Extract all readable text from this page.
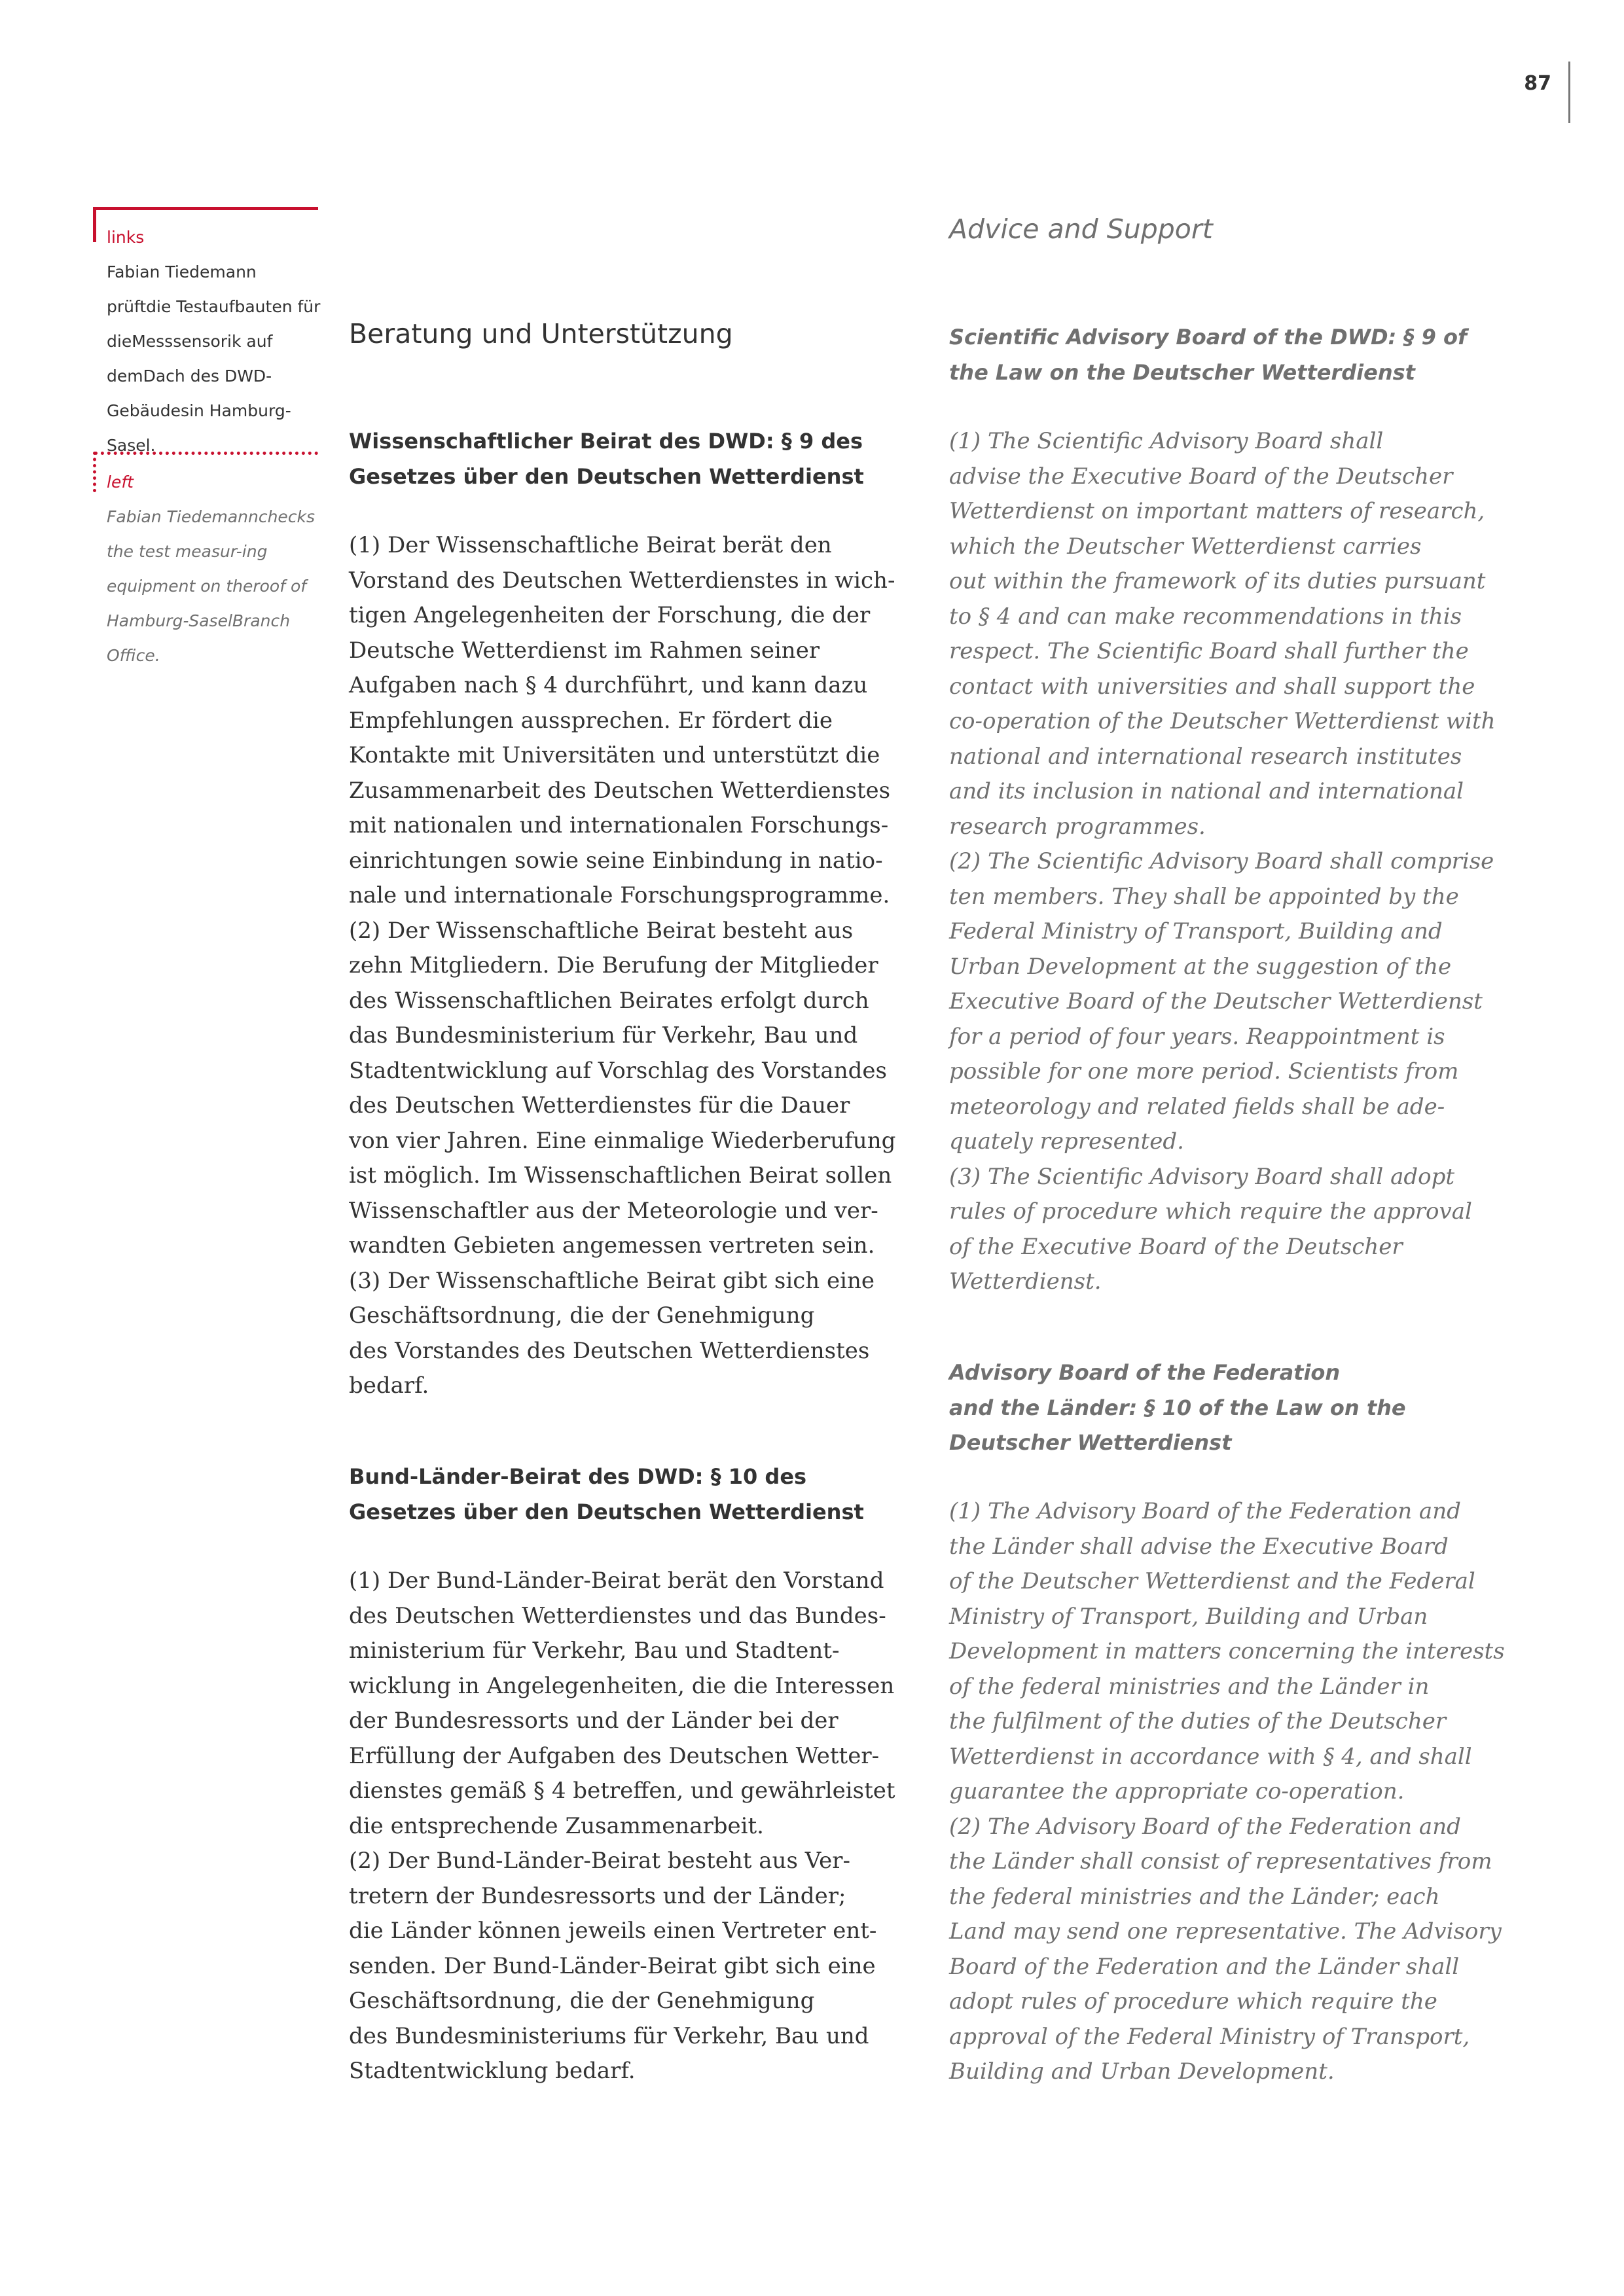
87
links
Fabian Tiedemann prüftdie Testaufbauten für dieMesssensorik auf demDach des DWD-Gebäudesin Hamburg-Sasel.
left
Fabian Tiedemannchecks the test measur-ing equipment on theroof of Hamburg-SaselBranch Office.
Beratung und Unterstützung
Wissenschaftlicher Beirat des DWD: § 9 des
Gesetzes über den Deutschen Wetterdienst
(1) Der Wissenschaftliche Beirat berät den
Vorstand des Deutschen Wetterdienstes in wich-
tigen Angelegenheiten der Forschung, die der
Deutsche Wetterdienst im Rahmen seiner
Aufgaben nach § 4 durchführt, und kann dazu
Empfehlungen aussprechen. Er fördert die
Kontakte mit Universitäten und unterstützt die
Zusammenarbeit des Deutschen Wetterdienstes
mit nationalen und internationalen Forschungs-
einrichtungen sowie seine Einbindung in natio-
nale und internationale Forschungsprogramme.
(2) Der Wissenschaftliche Beirat besteht aus
zehn Mitgliedern. Die Berufung der Mitglieder
des Wissenschaftlichen Beirates erfolgt durch
das Bundesministerium für Verkehr, Bau und
Stadtentwicklung auf Vorschlag des Vorstandes
des Deutschen Wetterdienstes für die Dauer
von vier Jahren. Eine einmalige Wiederberufung
ist möglich. Im Wissenschaftlichen Beirat sollen
Wissenschaftler aus der Meteorologie und ver-
wandten Gebieten angemessen vertreten sein.
(3) Der Wissenschaftliche Beirat gibt sich eine
Geschäftsordnung, die der Genehmigung
des Vorstandes des Deutschen Wetterdienstes
bedarf.
Bund-Länder-Beirat des DWD: § 10 des
Gesetzes über den Deutschen Wetterdienst
(1) Der Bund-Länder-Beirat berät den Vorstand
des Deutschen Wetterdienstes und das Bundes-
ministerium für Verkehr, Bau und Stadtent-
wicklung in Angelegenheiten, die die Interessen
der Bundesressorts und der Länder bei der
Erfüllung der Aufgaben des Deutschen Wetter-
dienstes gemäß § 4 betreffen, und gewährleistet
die entsprechende Zusammenarbeit.
(2) Der Bund-Länder-Beirat besteht aus Ver-
tretern der Bundesressorts und der Länder;
die Länder können jeweils einen Vertreter ent-
senden. Der Bund-Länder-Beirat gibt sich eine
Geschäftsordnung, die der Genehmigung
des Bundesministeriums für Verkehr, Bau und
Stadtentwicklung bedarf.
Advice and Support
Scientific Advisory Board of the DWD: § 9 of
the Law on the Deutscher Wetterdienst
(1) The Scientific Advisory Board shall
advise the Executive Board of the Deutscher
Wetterdienst on important matters of research,
which the Deutscher Wetterdienst carries
out within the framework of its duties pursuant
to § 4 and can make recommendations in this
respect. The Scientific Board shall further the
contact with universities and shall support the
co-operation of the Deutscher Wetterdienst with
national and international research institutes
and its inclusion in national and international
research programmes.
(2) The Scientific Advisory Board shall comprise
ten members. They shall be appointed by the
Federal Ministry of Transport, Building and
Urban Development at the suggestion of the
Executive Board of the Deutscher Wetterdienst
for a period of four years. Reappointment is
possible for one more period. Scientists from
meteorology and related fields shall be ade-
quately represented.
(3) The Scientific Advisory Board shall adopt
rules of procedure which require the approval
of the Executive Board of the Deutscher
Wetterdienst.
Advisory Board of the Federation
and the Länder: § 10 of the Law on the
Deutscher Wetterdienst
(1) The Advisory Board of the Federation and
the Länder shall advise the Executive Board
of the Deutscher Wetterdienst and the Federal
Ministry of Transport, Building and Urban
Development in matters concerning the interests
of the federal ministries and the Länder in
the fulfilment of the duties of the Deutscher
Wetterdienst in accordance with § 4, and shall
guarantee the appropriate co-operation.
(2) The Advisory Board of the Federation and
the Länder shall consist of representatives from
the federal ministries and the Länder; each
Land may send one representative. The Advisory
Board of the Federation and the Länder shall
adopt rules of procedure which require the
approval of the Federal Ministry of Transport,
Building and Urban Development.
